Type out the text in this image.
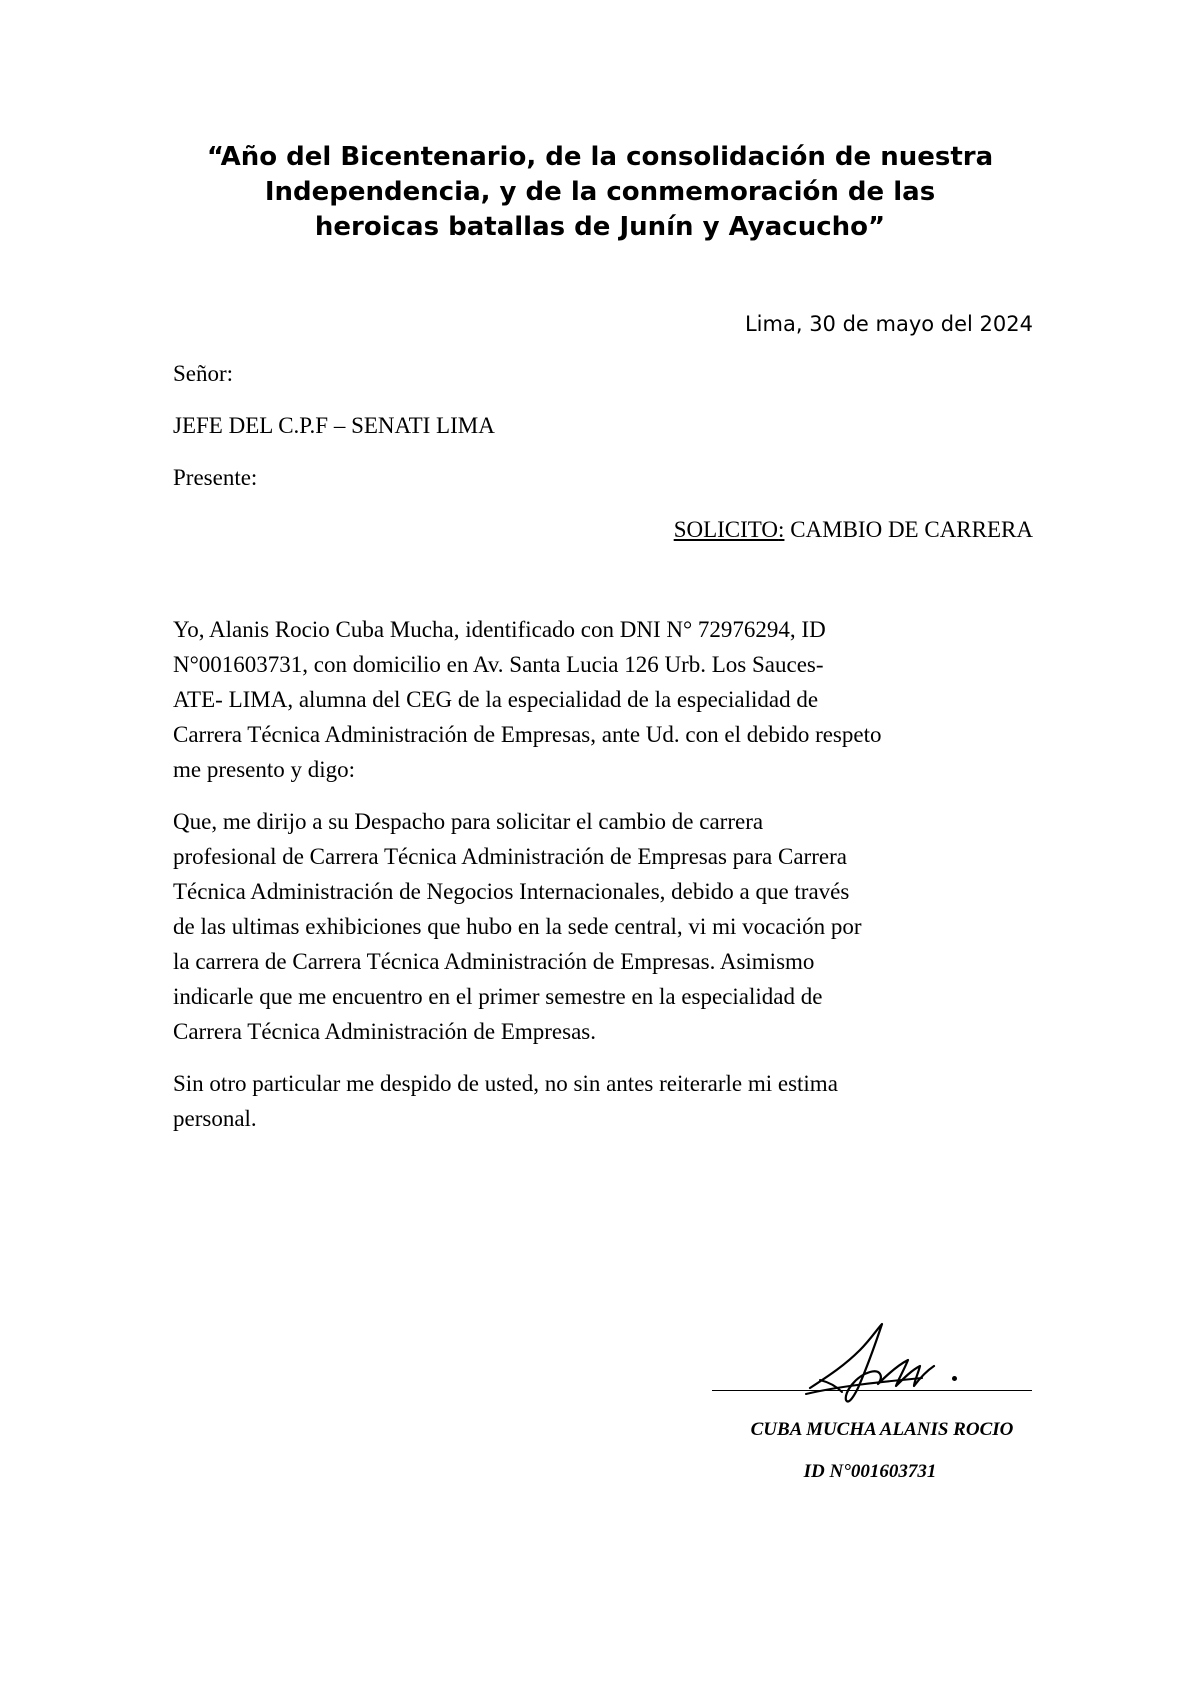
“Año del Bicentenario, de la consolidación de nuestra
Independencia, y de la conmemoración de las
heroicas batallas de Junín y Ayacucho”
Lima, 30 de mayo del 2024
Señor:
JEFE DEL C.P.F – SENATI LIMA
Presente:
SOLICITO: CAMBIO DE CARRERA

Yo, Alanis Rocio Cuba Mucha, identificado con DNI N° 72976294, ID
N°001603731, con domicilio en Av. Santa Lucia 126 Urb. Los Sauces-
ATE- LIMA, alumna del CEG de la especialidad de la especialidad de
Carrera Técnica Administración de Empresas, ante Ud. con el debido respeto
me presento y digo:

Que, me dirijo a su Despacho para solicitar el cambio de carrera
profesional de Carrera Técnica Administración de Empresas para Carrera
Técnica Administración de Negocios Internacionales, debido a que través
de las ultimas exhibiciones que hubo en la sede central, vi mi vocación por
la carrera de Carrera Técnica Administración de Empresas. Asimismo
indicarle que me encuentro en el primer semestre en la especialidad de
Carrera Técnica Administración de Empresas.

Sin otro particular me despido de usted, no sin antes reiterarle mi estima
personal.

CUBA MUCHA ALANIS ROCIO
ID N°001603731
